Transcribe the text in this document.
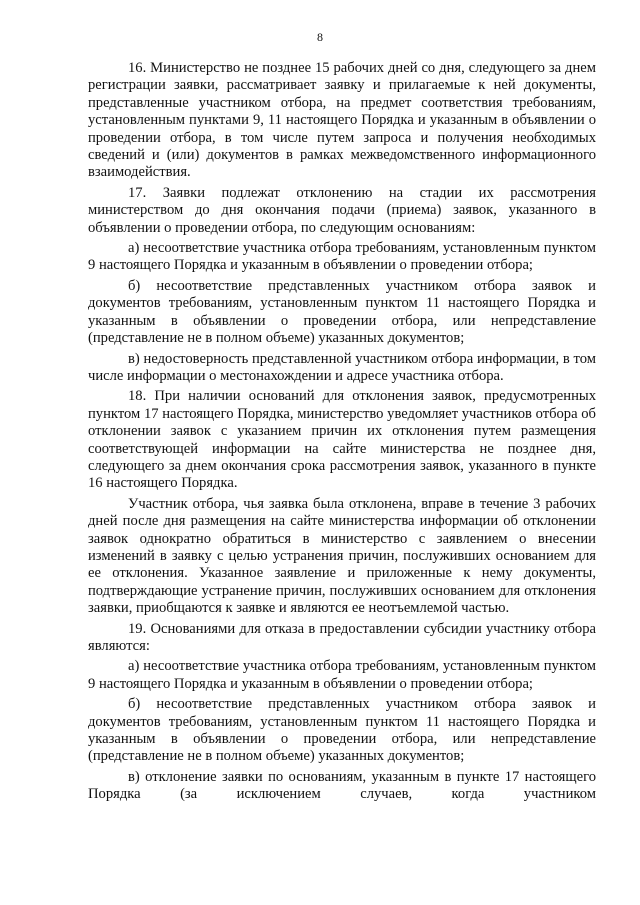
8

16. Министерство не позднее 15 рабочих дней со дня, следующего за днем регистрации заявки, рассматривает заявку и прилагаемые к ней документы, представленные участником отбора, на предмет соответствия требованиям, установленным пунктами 9, 11 настоящего Порядка и указанным в объявлении о проведении отбора, в том числе путем запроса и получения необходимых сведений и (или) документов в рамках межведомственного информационного взаимодействия.

17. Заявки подлежат отклонению на стадии их рассмотрения министерством до дня окончания подачи (приема) заявок, указанного в объявлении о проведении отбора, по следующим основаниям:

а) несоответствие участника отбора требованиям, установленным пунктом 9 настоящего Порядка и указанным в объявлении о проведении отбора;

б) несоответствие представленных участником отбора заявок и документов требованиям, установленным пунктом 11 настоящего Порядка и указанным в объявлении о проведении отбора, или непредставление (представление не в полном объеме) указанных документов;

в) недостоверность представленной участником отбора информации, в том числе информации о местонахождении и адресе участника отбора.

18. При наличии оснований для отклонения заявок, предусмотренных пунктом 17 настоящего Порядка, министерство уведомляет участников отбора об отклонении заявок с указанием причин их отклонения путем размещения соответствующей информации на сайте министерства не позднее дня, следующего за днем окончания срока рассмотрения заявок, указанного в пункте 16 настоящего Порядка.

Участник отбора, чья заявка была отклонена, вправе в течение 3 рабочих дней после дня размещения на сайте министерства информации об отклонении заявок однократно обратиться в министерство с заявлением о внесении изменений в заявку с целью устранения причин, послуживших основанием для ее отклонения. Указанное заявление и приложенные к нему документы, подтверждающие устранение причин, послуживших основанием для отклонения заявки, приобщаются к заявке и являются ее неотъемлемой частью.

19. Основаниями для отказа в предоставлении субсидии участнику отбора являются:

а) несоответствие участника отбора требованиям, установленным пунктом 9 настоящего Порядка и указанным в объявлении о проведении отбора;

б) несоответствие представленных участником отбора заявок и документов требованиям, установленным пунктом 11 настоящего Порядка и указанным в объявлении о проведении отбора, или непредставление (представление не в полном объеме) указанных документов;

в) отклонение заявки по основаниям, указанным в пункте 17 настоящего Порядка (за исключением случаев, когда участником
